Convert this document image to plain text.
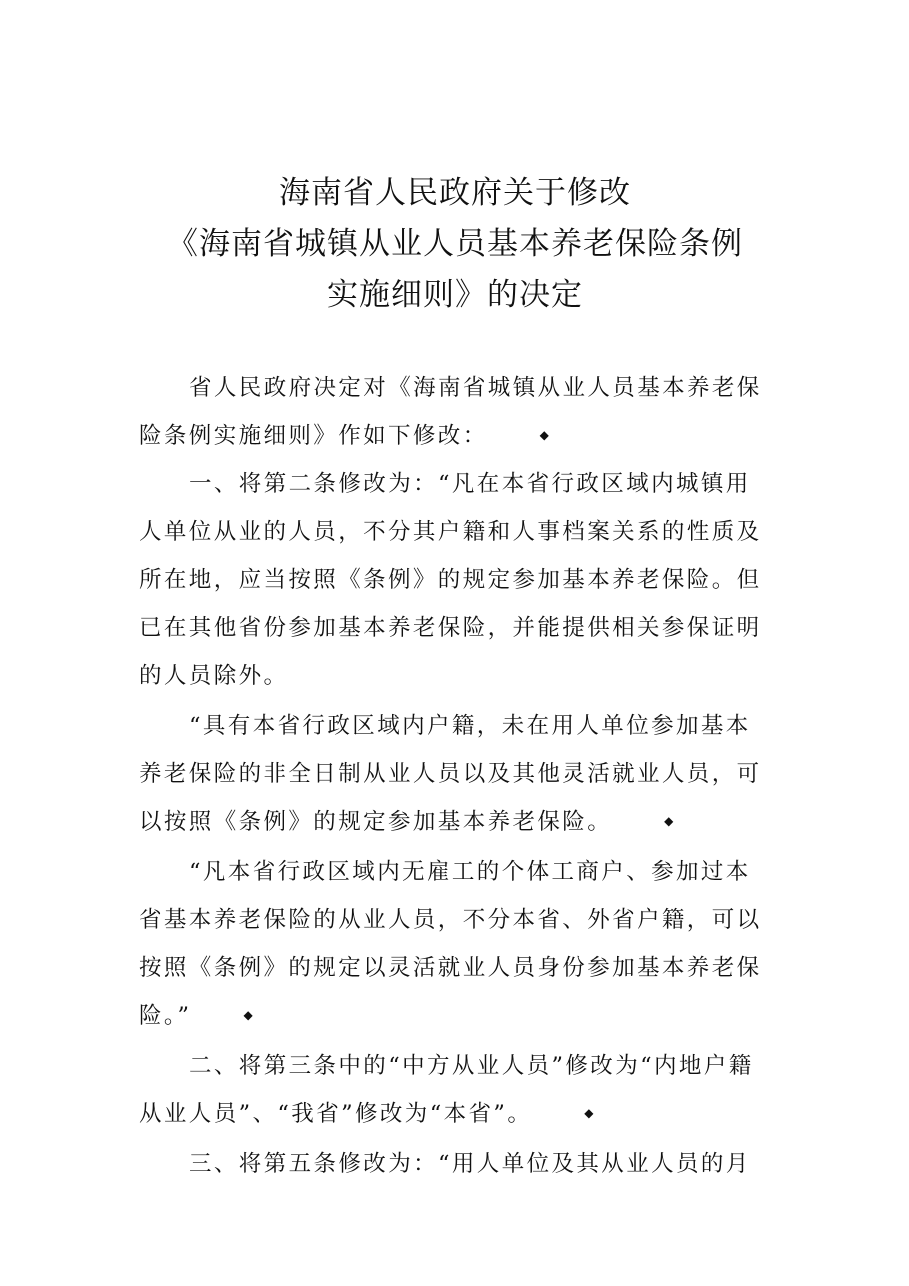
海南省人民政府关于修改
《海南省城镇从业人员基本养老保险条例
实施细则》的决定

省人民政府决定对《海南省城镇从业人员基本养老保险条例实施细则》作如下修改：	◆

一、将第二条修改为：“凡在本省行政区域内城镇用人单位从业的人员，不分其户籍和人事档案关系的性质及所在地，应当按照《条例》的规定参加基本养老保险。但已在其他省份参加基本养老保险，并能提供相关参保证明的人员除外。

“具有本省行政区域内户籍，未在用人单位参加基本养老保险的非全日制从业人员以及其他灵活就业人员，可以按照《条例》的规定参加基本养老保险。	◆

“凡本省行政区域内无雇工的个体工商户、参加过本省基本养老保险的从业人员，不分本省、外省户籍，可以按照《条例》的规定以灵活就业人员身份参加基本养老保险。”	◆

二、将第三条中的“中方从业人员”修改为“内地户籍从业人员”、“我省”修改为“本省”。	◆

三、将第五条修改为：“用人单位及其从业人员的月
